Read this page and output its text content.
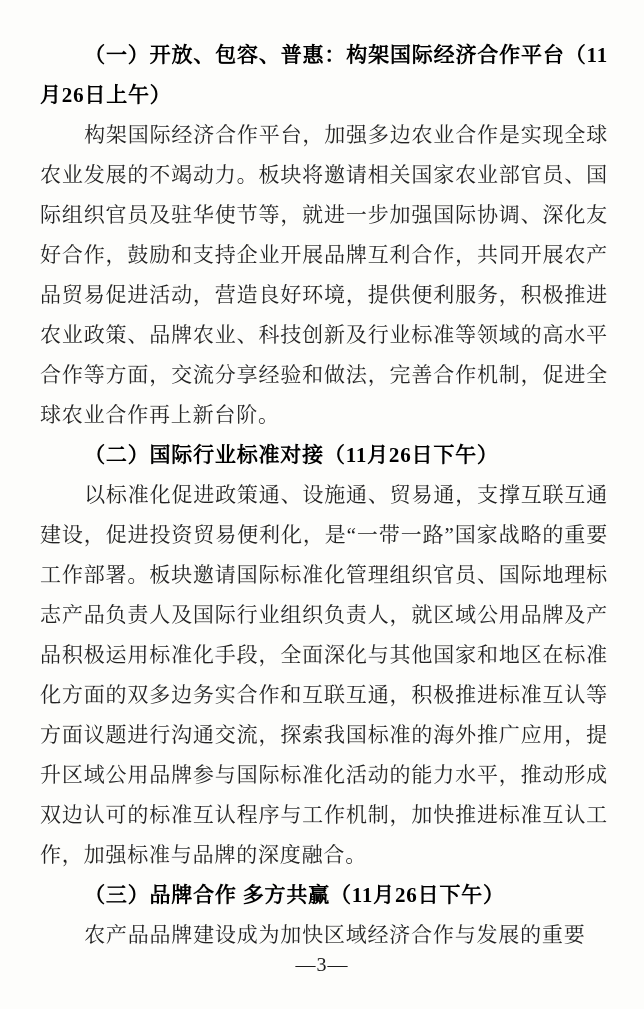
（一）开放、包容、普惠：构架国际经济合作平台（11月26日上午）

构架国际经济合作平台，加强多边农业合作是实现全球农业发展的不竭动力。板块将邀请相关国家农业部官员、国际组织官员及驻华使节等，就进一步加强国际协调、深化友好合作，鼓励和支持企业开展品牌互利合作，共同开展农产品贸易促进活动，营造良好环境，提供便利服务，积极推进农业政策、品牌农业、科技创新及行业标准等领域的高水平合作等方面，交流分享经验和做法，完善合作机制，促进全球农业合作再上新台阶。

（二）国际行业标准对接（11月26日下午）

以标准化促进政策通、设施通、贸易通，支撑互联互通建设，促进投资贸易便利化，是“一带一路”国家战略的重要工作部署。板块邀请国际标准化管理组织官员、国际地理标志产品负责人及国际行业组织负责人，就区域公用品牌及产品积极运用标准化手段，全面深化与其他国家和地区在标准化方面的双多边务实合作和互联互通，积极推进标准互认等方面议题进行沟通交流，探索我国标准的海外推广应用，提升区域公用品牌参与国际标准化活动的能力水平，推动形成双边认可的标准互认程序与工作机制，加快推进标准互认工作，加强标准与品牌的深度融合。

（三）品牌合作 多方共赢（11月26日下午）

农产品品牌建设成为加快区域经济合作与发展的重要

—3—
